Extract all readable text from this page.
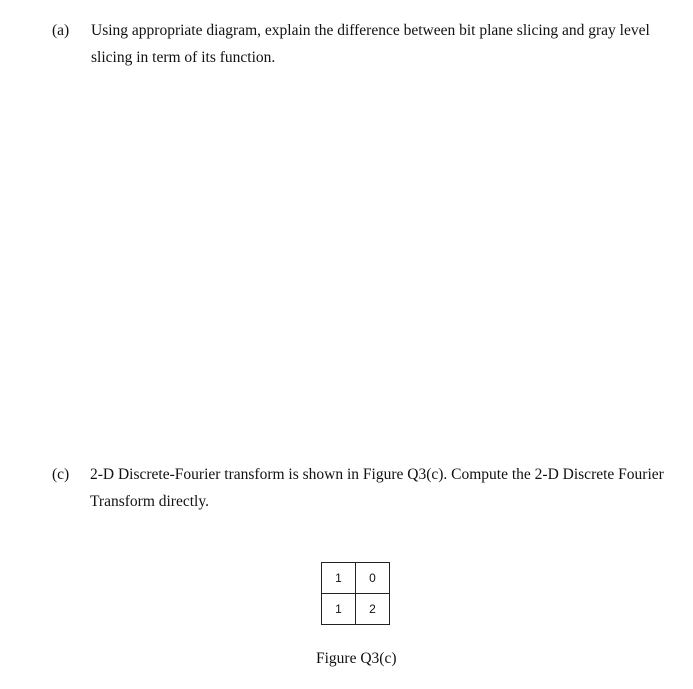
(a) Using appropriate diagram, explain the difference between bit plane slicing and gray level slicing in term of its function.
(c) 2-D Discrete-Fourier transform is shown in Figure Q3(c). Compute the 2-D Discrete Fourier Transform directly.
1	0
1	2
Figure Q3(c)
